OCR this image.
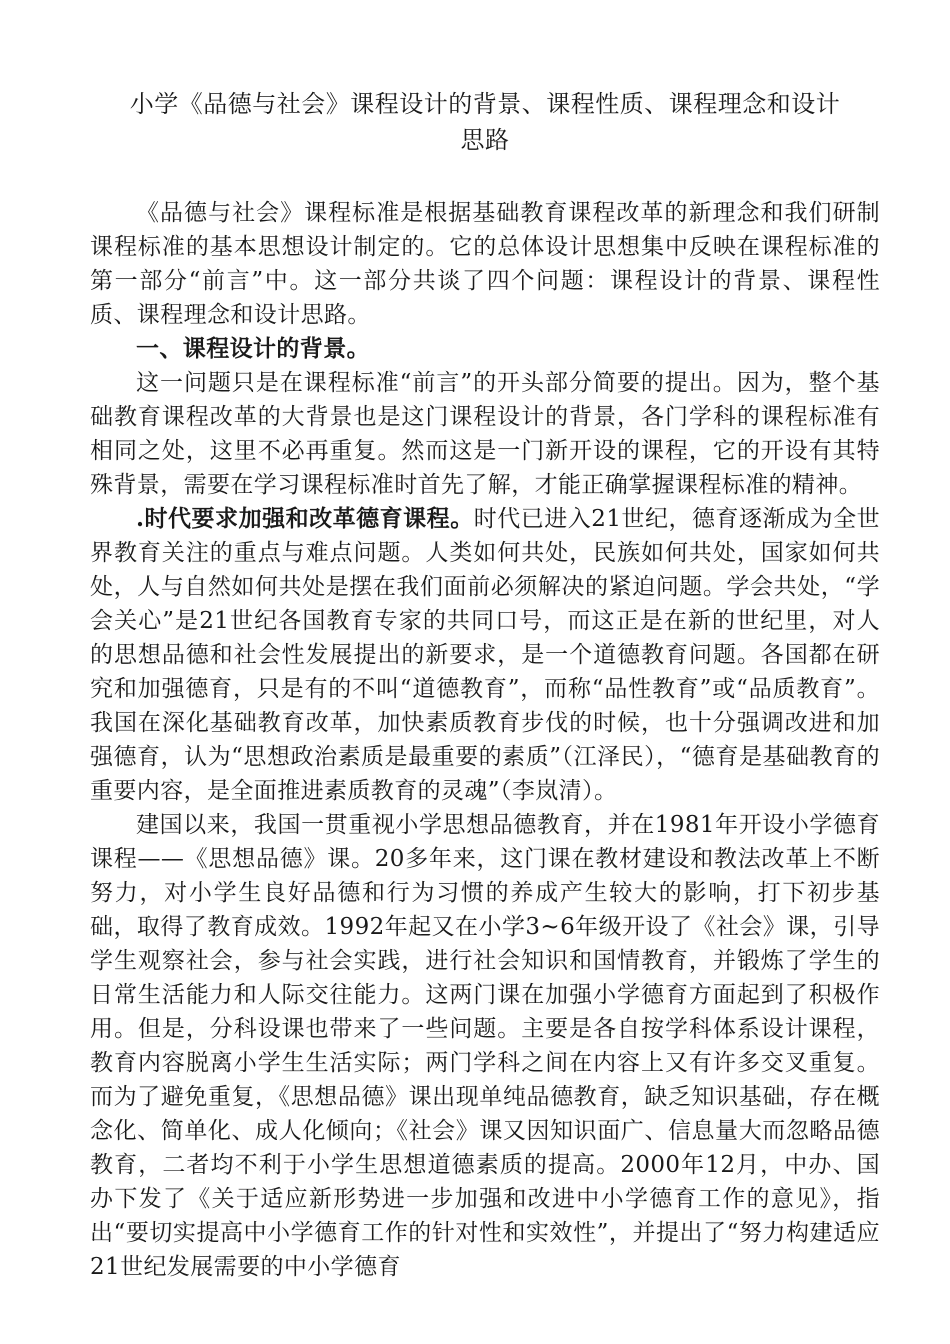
小学《品德与社会》课程设计的背景、课程性质、课程理念和设计
思路

《品德与社会》课程标准是根据基础教育课程改革的新理念和我们研制课程标准的基本思想设计制定的。它的总体设计思想集中反映在课程标准的第一部分“前言”中。这一部分共谈了四个问题：课程设计的背景、课程性质、课程理念和设计思路。

一、课程设计的背景。

这一问题只是在课程标准“前言”的开头部分简要的提出。因为，整个基础教育课程改革的大背景也是这门课程设计的背景，各门学科的课程标准有相同之处，这里不必再重复。然而这是一门新开设的课程，它的开设有其特殊背景，需要在学习课程标准时首先了解，才能正确掌握课程标准的精神。

.时代要求加强和改革德育课程。时代已进入21世纪，德育逐渐成为全世界教育关注的重点与难点问题。人类如何共处，民族如何共处，国家如何共处，人与自然如何共处是摆在我们面前必须解决的紧迫问题。学会共处，“学会关心”是21世纪各国教育专家的共同口号，而这正是在新的世纪里，对人的思想品德和社会性发展提出的新要求，是一个道德教育问题。各国都在研究和加强德育，只是有的不叫“道德教育”，而称“品性教育”或“品质教育”。我国在深化基础教育改革，加快素质教育步伐的时候，也十分强调改进和加强德育，认为“思想政治素质是最重要的素质”（江泽民），“德育是基础教育的重要内容，是全面推进素质教育的灵魂”（李岚清）。

建国以来，我国一贯重视小学思想品德教育，并在1981年开设小学德育课程——《思想品德》课。20多年来，这门课在教材建设和教法改革上不断努力，对小学生良好品德和行为习惯的养成产生较大的影响，打下初步基础，取得了教育成效。1992年起又在小学3~6年级开设了《社会》课，引导学生观察社会，参与社会实践，进行社会知识和国情教育，并锻炼了学生的日常生活能力和人际交往能力。这两门课在加强小学德育方面起到了积极作用。但是，分科设课也带来了一些问题。主要是各自按学科体系设计课程，教育内容脱离小学生生活实际；两门学科之间在内容上又有许多交叉重复。而为了避免重复，《思想品德》课出现单纯品德教育，缺乏知识基础，存在概念化、简单化、成人化倾向；《社会》课又因知识面广、信息量大而忽略品德教育，二者均不利于小学生思想道德素质的提高。2000年12月，中办、国办下发了《关于适应新形势进一步加强和改进中小学德育工作的意见》，指出“要切实提高中小学德育工作的针对性和实效性”，并提出了“努力构建适应21世纪发展需要的中小学德育
